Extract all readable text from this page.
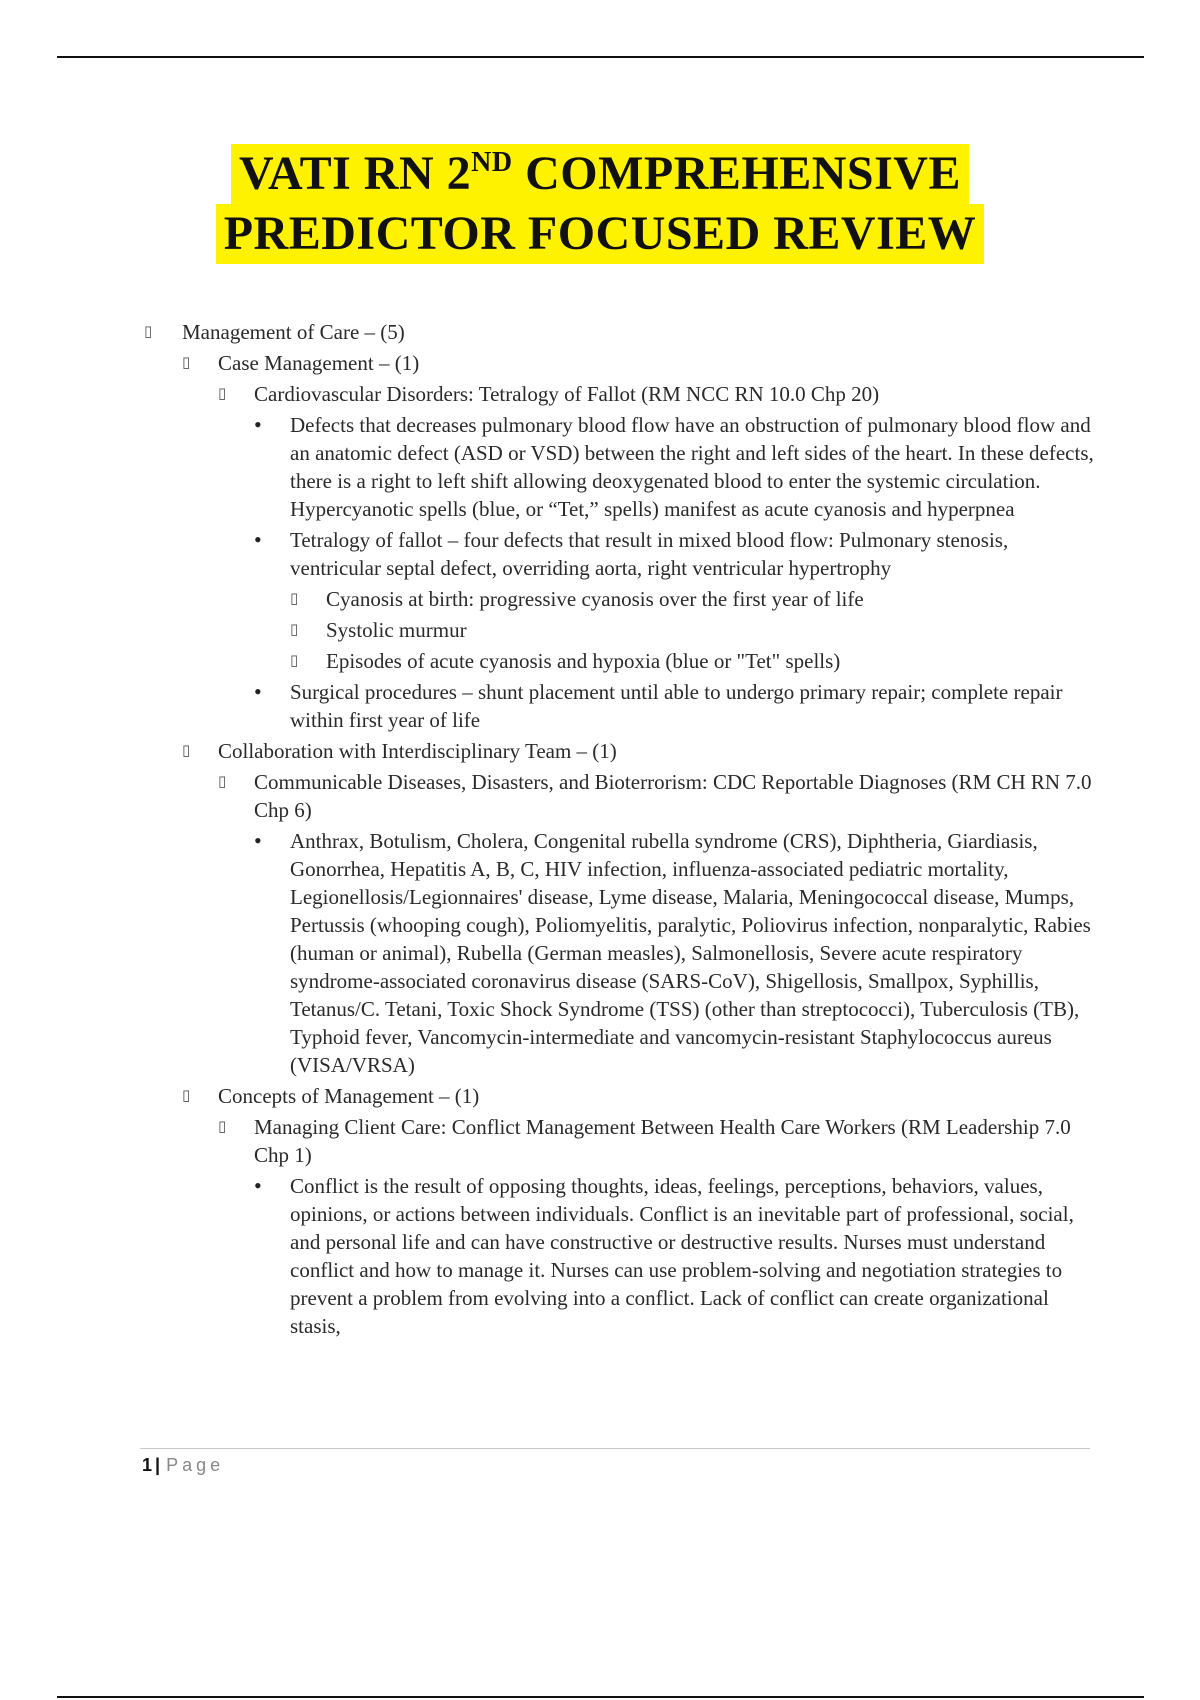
VATI RN 2ND COMPREHENSIVE
PREDICTOR FOCUSED REVIEW
▯ Management of Care – (5)
▯ Case Management – (1)
▯ Cardiovascular Disorders: Tetralogy of Fallot (RM NCC RN 10.0 Chp 20)
• Defects that decreases pulmonary blood flow have an obstruction of pulmonary blood flow and an anatomic defect (ASD or VSD) between the right and left sides of the heart. In these defects, there is a right to left shift allowing deoxygenated blood to enter the systemic circulation. Hypercyanotic spells (blue, or “Tet,” spells) manifest as acute cyanosis and hyperpnea
• Tetralogy of fallot – four defects that result in mixed blood flow: Pulmonary stenosis, ventricular septal defect, overriding aorta, right ventricular hypertrophy
▯ Cyanosis at birth: progressive cyanosis over the first year of life
▯ Systolic murmur
▯ Episodes of acute cyanosis and hypoxia (blue or "Tet" spells)
• Surgical procedures – shunt placement until able to undergo primary repair; complete repair within first year of life
▯ Collaboration with Interdisciplinary Team – (1)
▯ Communicable Diseases, Disasters, and Bioterrorism: CDC Reportable Diagnoses (RM CH RN 7.0 Chp 6)
• Anthrax, Botulism, Cholera, Congenital rubella syndrome (CRS), Diphtheria, Giardiasis, Gonorrhea, Hepatitis A, B, C, HIV infection, influenza-associated pediatric mortality, Legionellosis/Legionnaires' disease, Lyme disease, Malaria, Meningococcal disease, Mumps, Pertussis (whooping cough), Poliomyelitis, paralytic, Poliovirus infection, nonparalytic, Rabies (human or animal), Rubella (German measles), Salmonellosis, Severe acute respiratory syndrome-associated coronavirus disease (SARS-CoV), Shigellosis, Smallpox, Syphillis, Tetanus/C. Tetani, Toxic Shock Syndrome (TSS) (other than streptococci), Tuberculosis (TB), Typhoid fever, Vancomycin-intermediate and vancomycin-resistant Staphylococcus aureus (VISA/VRSA)
▯ Concepts of Management – (1)
▯ Managing Client Care: Conflict Management Between Health Care Workers (RM Leadership 7.0 Chp 1)
• Conflict is the result of opposing thoughts, ideas, feelings, perceptions, behaviors, values, opinions, or actions between individuals. Conflict is an inevitable part of professional, social, and personal life and can have constructive or destructive results. Nurses must understand conflict and how to manage it. Nurses can use problem-solving and negotiation strategies to prevent a problem from evolving into a conflict. Lack of conflict can create organizational stasis,
1 | Page
